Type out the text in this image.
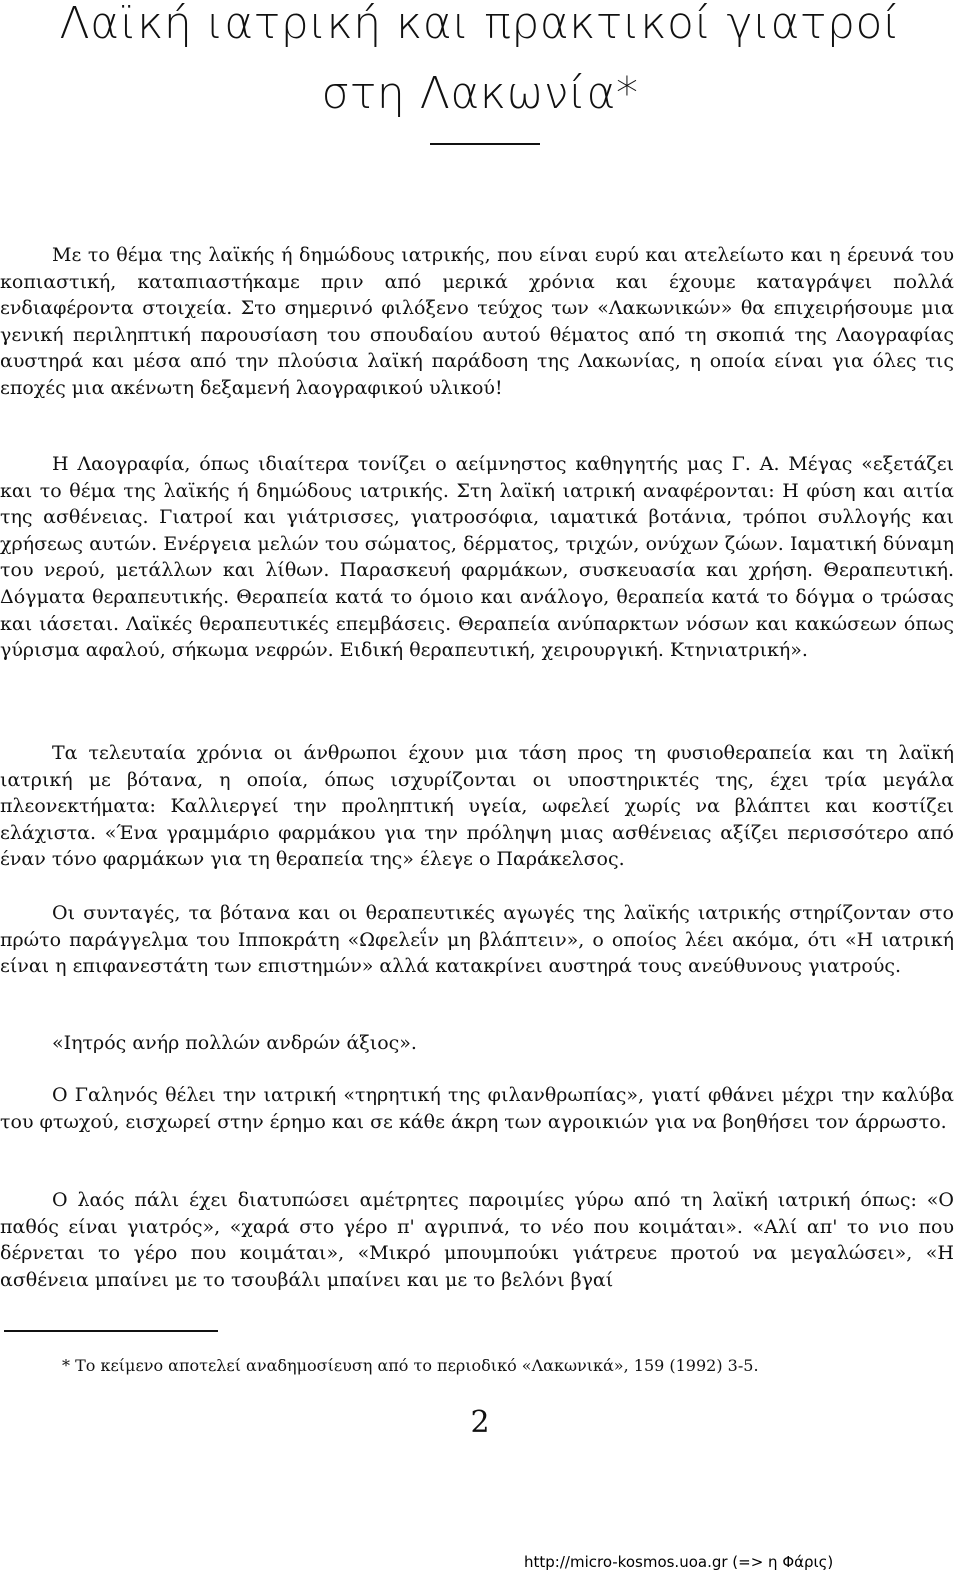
Λαϊκή ιατρική και πρακτικοί γιατροί
στη Λακωνία*

Με το θέμα της λαϊκής ή δημώδους ιατρικής, που είναι ευρύ και ατελείωτο και η έρευνά του κοπιαστική, καταπιαστήκαμε πριν από μερικά χρόνια και έχουμε καταγράψει πολλά ενδιαφέροντα στοιχεία. Στο σημερινό φιλόξενο τεύχος των «Λακωνικών» θα επιχειρήσουμε μια γενική περιληπτική παρουσίαση του σπουδαίου αυτού θέματος από τη σκοπιά της Λαογραφίας αυστηρά και μέσα από την πλούσια λαϊκή παράδοση της Λακωνίας, η οποία είναι για όλες τις εποχές μια ακένωτη δεξαμενή λαογραφικού υλικού!

Η Λαογραφία, όπως ιδιαίτερα τονίζει ο αείμνηστος καθηγητής μας Γ. Α. Μέγας «εξετάζει και το θέμα της λαϊκής ή δημώδους ιατρικής. Στη λαϊκή ιατρική αναφέρονται: Η φύση και αιτία της ασθένειας. Γιατροί και γιάτρισσες, γιατροσόφια, ιαματικά βοτάνια, τρόποι συλλογής και χρήσεως αυτών. Ενέργεια μελών του σώματος, δέρματος, τριχών, ονύχων ζώων. Ιαματική δύναμη του νερού, μετάλλων και λίθων. Παρασκευή φαρμάκων, συσκευασία και χρήση. Θεραπευτική. Δόγματα θεραπευτικής. Θεραπεία κατά το όμοιο και ανάλογο, θεραπεία κατά το δόγμα ο τρώσας και ιάσεται. Λαϊκές θεραπευτικές επεμβάσεις. Θεραπεία ανύπαρκτων νόσων και κακώσεων όπως γύρισμα αφαλού, σήκωμα νεφρών. Ειδική θεραπευτική, χειρουργική. Κτηνιατρική».

Τα τελευταία χρόνια οι άνθρωποι έχουν μια τάση προς τη φυσιοθεραπεία και τη λαϊκή ιατρική με βότανα, η οποία, όπως ισχυρίζονται οι υποστηρικτές της, έχει τρία μεγάλα πλεονεκτήματα: Καλλιεργεί την προληπτική υγεία, ωφελεί χωρίς να βλάπτει και κοστίζει ελάχιστα. «Ένα γραμμάριο φαρμάκου για την πρόληψη μιας ασθένειας αξίζει περισσότερο από έναν τόνο φαρμάκων για τη θεραπεία της» έλεγε ο Παράκελσος.

Οι συνταγές, τα βότανα και οι θεραπευτικές αγωγές της λαϊκής ιατρικής στηρίζονταν στο πρώτο παράγγελμα του Ιπποκράτη «Ωφελεΐν μη βλάπτειν», ο οποίος λέει ακόμα, ότι «Η ιατρική είναι η επιφανεστάτη των επιστημών» αλλά κατακρίνει αυστηρά τους ανεύθυνους γιατρούς.

«Ιητρός ανήρ πολλών ανδρών άξιος».

Ο Γαληνός θέλει την ιατρική «τηρητική της φιλανθρωπίας», γιατί φθάνει μέχρι την καλύβα του φτωχού, εισχωρεί στην έρημο και σε κάθε άκρη των αγροικιών για να βοηθήσει τον άρρωστο.

Ο λαός πάλι έχει διατυπώσει αμέτρητες παροιμίες γύρω από τη λαϊκή ιατρική όπως: «Ο παθός είναι γιατρός», «χαρά στο γέρο π' αγριπνά, το νέο που κοιμάται». «Αλί απ' το νιο που δέρνεται το γέρο που κοιμάται», «Μικρό μπουμπούκι γιάτρευε προτού να μεγαλώσει», «Η ασθένεια μπαίνει με το τσουβάλι μπαίνει και με το βελόνι βγαί

* Το κείμενο αποτελεί αναδημοσίευση από το περιοδικό «Λακωνικά», 159 (1992) 3-5.

2
http://micro-kosmos.uoa.gr (=> η Φάρις)
